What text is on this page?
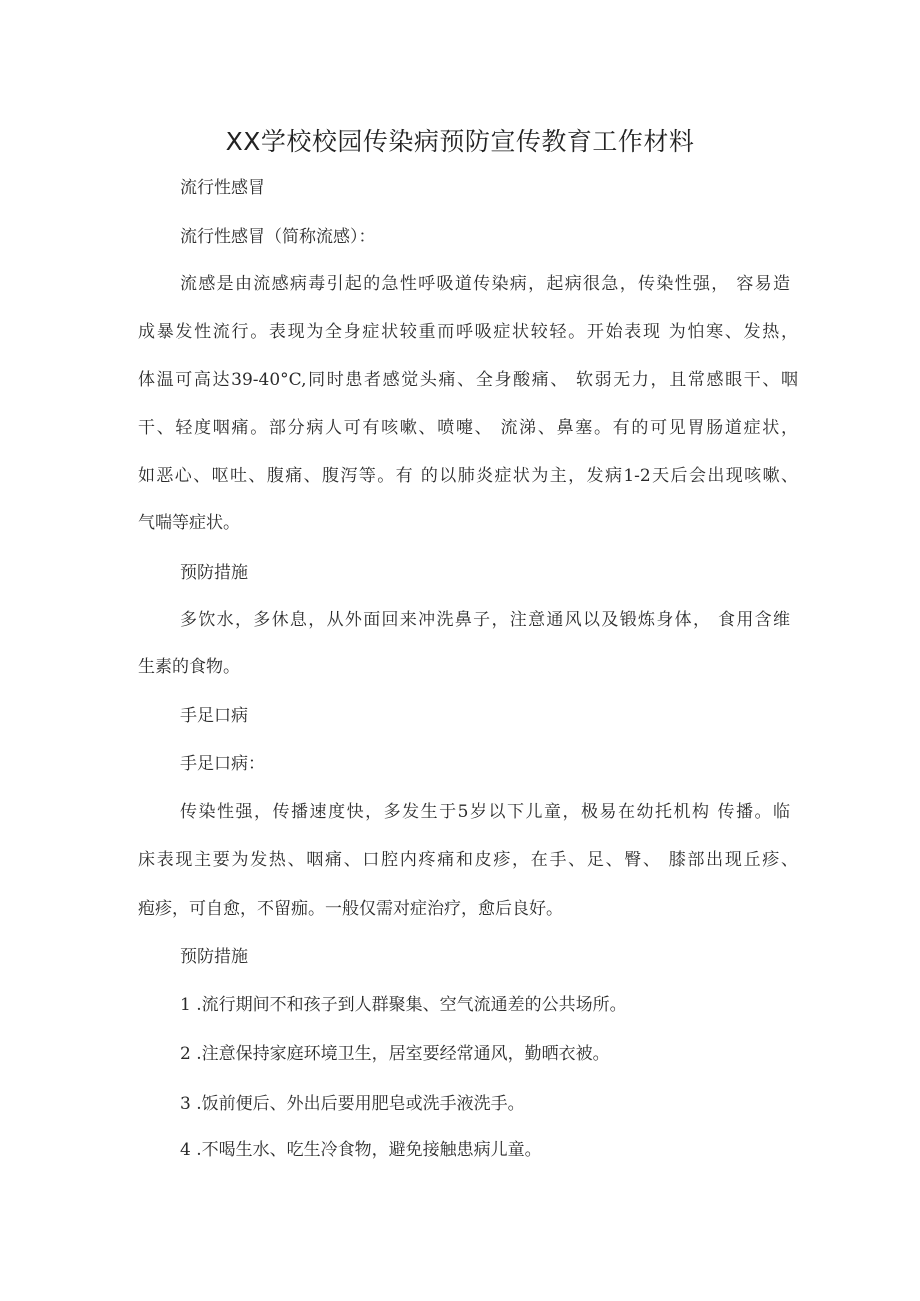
XX学校校园传染病预防宣传教育工作材料
流行性感冒
流行性感冒（简称流感）：
流感是由流感病毒引起的急性呼吸道传染病，起病很急，传染性强， 容易造
成暴发性流行。表现为全身症状较重而呼吸症状较轻。开始表现 为怕寒、发热，
体温可高达39-40°C,同时患者感觉头痛、全身酸痛、 软弱无力，且常感眼干、咽
干、轻度咽痛。部分病人可有咳嗽、喷嚏、 流涕、鼻塞。有的可见胃肠道症状，
如恶心、呕吐、腹痛、腹泻等。有 的以肺炎症状为主，发病1-2天后会出现咳嗽、
气喘等症状。
预防措施
多饮水，多休息，从外面回来冲洗鼻子，注意通风以及锻炼身体， 食用含维
生素的食物。
手足口病
手足口病：
传染性强，传播速度快，多发生于5岁以下儿童，极易在幼托机构 传播。临
床表现主要为发热、咽痛、口腔内疼痛和皮疹，在手、足、臀、 膝部出现丘疹、
疱疹，可自愈，不留痂。一般仅需对症治疗，愈后良好。
预防措施
1 .流行期间不和孩子到人群聚集、空气流通差的公共场所。
2 .注意保持家庭环境卫生，居室要经常通风，勤晒衣被。
3 .饭前便后、外出后要用肥皂或洗手液洗手。
4 .不喝生水、吃生冷食物，避免接触患病儿童。
